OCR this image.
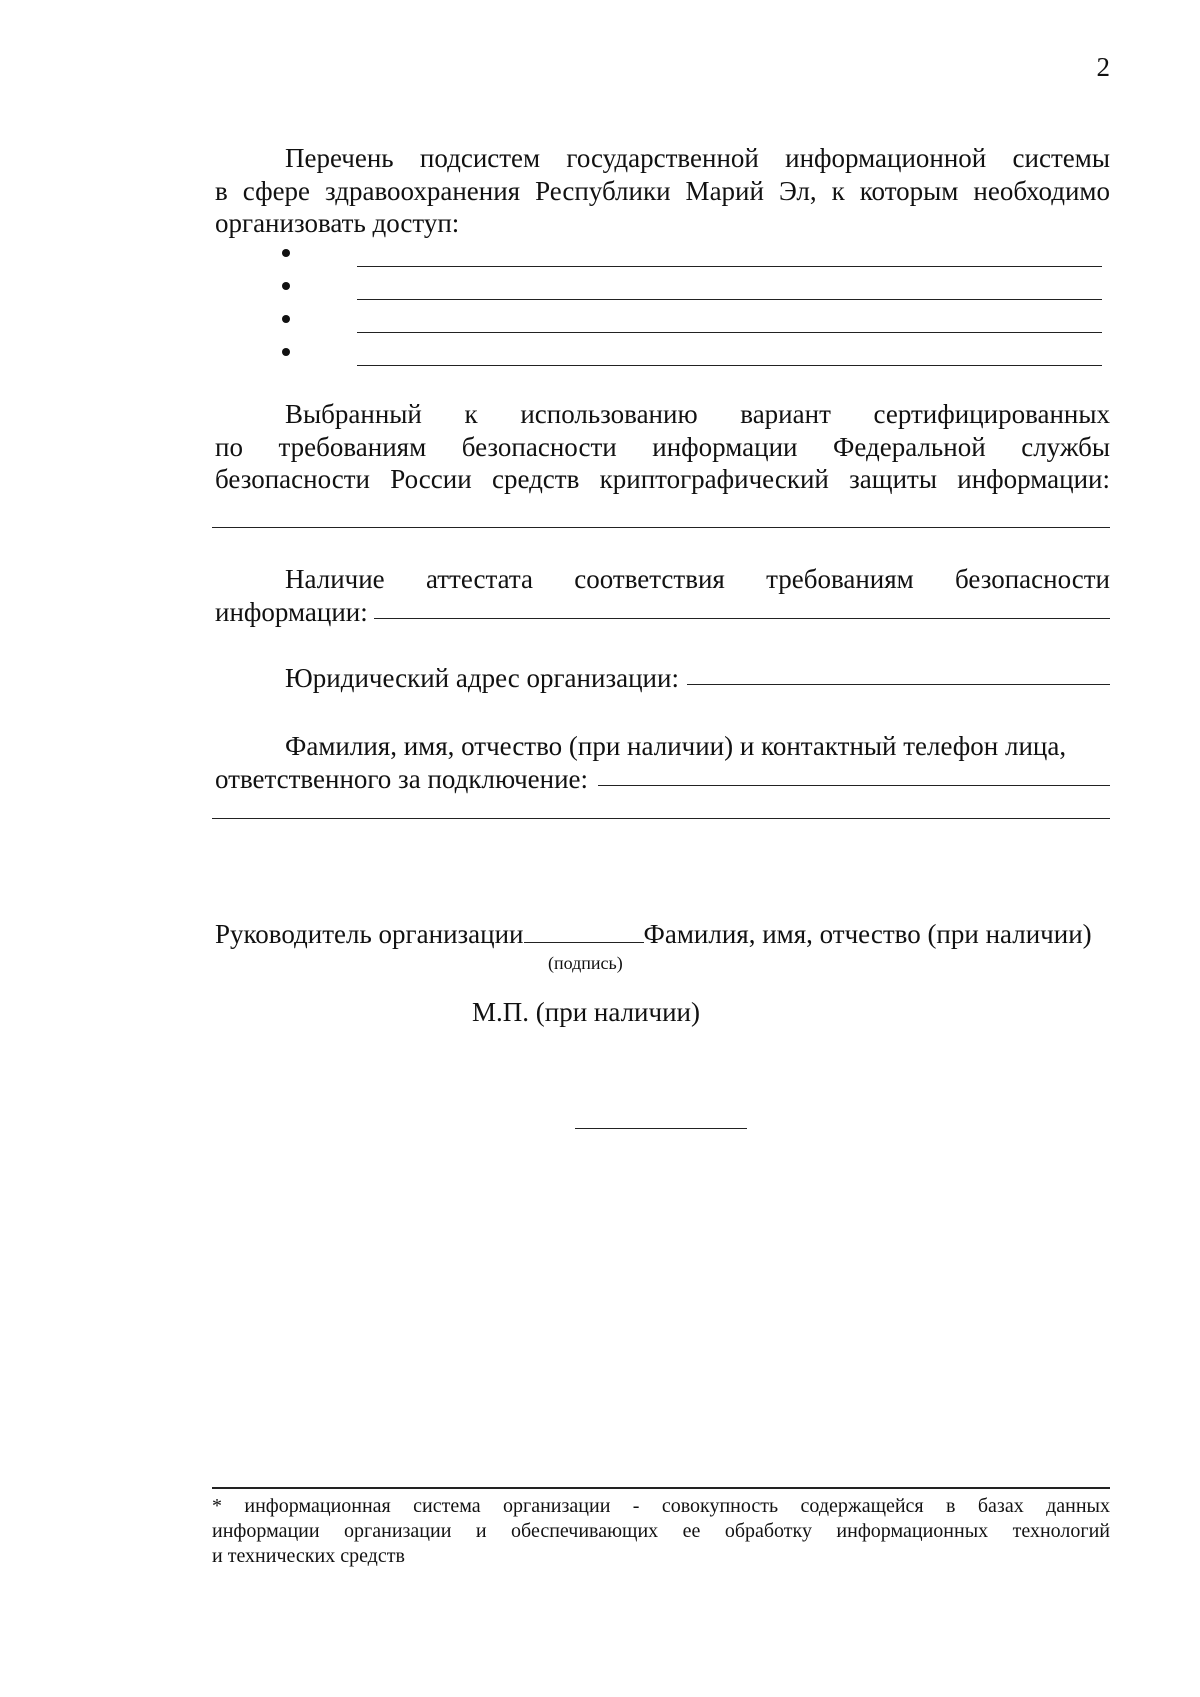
2
Перечень подсистем государственной информационной системы
в сфере здравоохранения Республики Марий Эл, к которым необходимо
организовать доступ:
Выбранный к использованию вариант сертифицированных
по требованиям безопасности информации Федеральной службы
безопасности России средств криптографический защиты информации:
Наличие аттестата соответствия требованиям безопасности
информации:
Юридический адрес организации:
Фамилия, имя, отчество (при наличии) и контактный телефон лица,
ответственного за подключение:
Руководитель организации	Фамилия, имя, отчество (при наличии)
(подпись)
М.П. (при наличии)
* информационная система организации - совокупность содержащейся в базах данных
информации организации и обеспечивающих ее обработку информационных технологий
и технических средств
